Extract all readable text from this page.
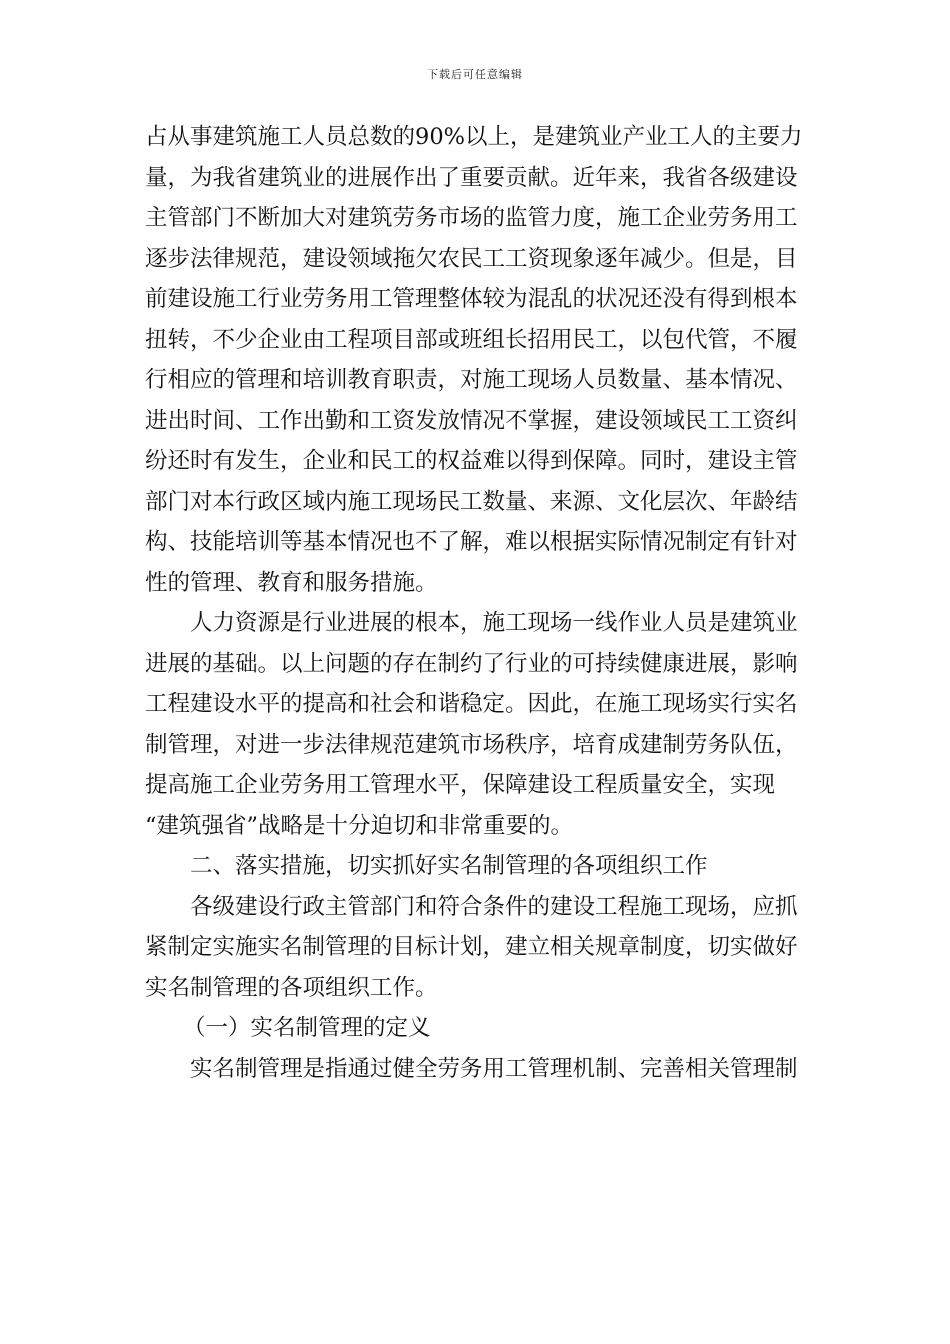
下载后可任意编辑
占从事建筑施工人员总数的90%以上，是建筑业产业工人的主要力
量，为我省建筑业的进展作出了重要贡献。近年来，我省各级建设
主管部门不断加大对建筑劳务市场的监管力度，施工企业劳务用工
逐步法律规范，建设领域拖欠农民工工资现象逐年减少。但是，目
前建设施工行业劳务用工管理整体较为混乱的状况还没有得到根本
扭转，不少企业由工程项目部或班组长招用民工，以包代管，不履
行相应的管理和培训教育职责，对施工现场人员数量、基本情况、
进出时间、工作出勤和工资发放情况不掌握，建设领域民工工资纠
纷还时有发生，企业和民工的权益难以得到保障。同时，建设主管
部门对本行政区域内施工现场民工数量、来源、文化层次、年龄结
构、技能培训等基本情况也不了解，难以根据实际情况制定有针对
性的管理、教育和服务措施。
人力资源是行业进展的根本，施工现场一线作业人员是建筑业
进展的基础。以上问题的存在制约了行业的可持续健康进展，影响
工程建设水平的提高和社会和谐稳定。因此，在施工现场实行实名
制管理，对进一步法律规范建筑市场秩序，培育成建制劳务队伍，
提高施工企业劳务用工管理水平，保障建设工程质量安全，实现
“建筑强省”战略是十分迫切和非常重要的。
二、落实措施，切实抓好实名制管理的各项组织工作
各级建设行政主管部门和符合条件的建设工程施工现场，应抓
紧制定实施实名制管理的目标计划，建立相关规章制度，切实做好
实名制管理的各项组织工作。
（一）实名制管理的定义
实名制管理是指通过健全劳务用工管理机制、完善相关管理制
